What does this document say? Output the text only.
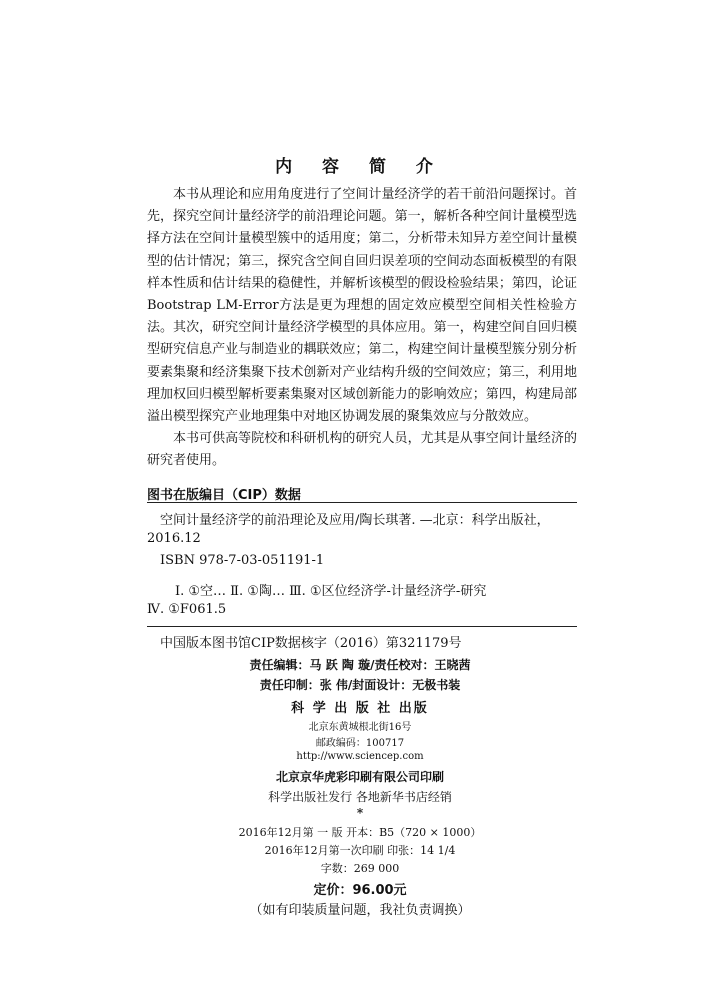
内 容 简 介

本书从理论和应用角度进行了空间计量经济学的若干前沿问题探讨。首先，探究空间计量经济学的前沿理论问题。第一，解析各种空间计量模型选择方法在空间计量模型簇中的适用度；第二，分析带未知异方差空间计量模型的估计情况；第三，探究含空间自回归误差项的空间动态面板模型的有限样本性质和估计结果的稳健性，并解析该模型的假设检验结果；第四，论证Bootstrap LM-Error方法是更为理想的固定效应模型空间相关性检验方法。其次，研究空间计量经济学模型的具体应用。第一，构建空间自回归模型研究信息产业与制造业的耦联效应；第二，构建空间计量模型簇分别分析要素集聚和经济集聚下技术创新对产业结构升级的空间效应；第三，利用地理加权回归模型解析要素集聚对区域创新能力的影响效应；第四，构建局部溢出模型探究产业地理集中对地区协调发展的聚集效应与分散效应。

本书可供高等院校和科研机构的研究人员，尤其是从事空间计量经济的研究者使用。

图书在版编目（CIP）数据
空间计量经济学的前沿理论及应用/陶长琪著. —北京：科学出版社，
2016.12
ISBN 978-7-03-051191-1
Ⅰ. ①空… Ⅱ. ①陶… Ⅲ. ①区位经济学-计量经济学-研究
Ⅳ. ①F061.5
中国版本图书馆CIP数据核字（2016）第321179号
责任编辑：马 跃 陶 璇/责任校对：王晓茜
责任印制：张 伟/封面设计：无极书装
科 学 出 版 社 出版
北京东黄城根北街16号
邮政编码：100717
http://www.sciencep.com
北京京华虎彩印刷有限公司印刷
科学出版社发行 各地新华书店经销
*
2016年12月第 一 版 开本：B5（720 × 1000）
2016年12月第一次印刷 印张：14 1/4
字数：269 000
定价：96.00元
（如有印装质量问题，我社负责调换）
